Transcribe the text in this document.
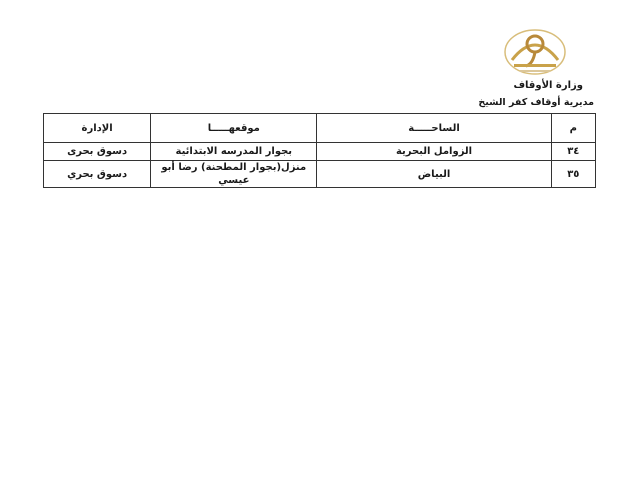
وزارة الأوقاف
مديرية أوقاف كفر الشيخ
م	الساحـــــة	موقعهـــــا	الإدارة
٣٤	الزوامل البحرية	بجوار المدرسه الابتدائية	دسوق بحرى
٣٥	البياض	منزل(بجوار المطحنة) رضا أبو عيسي	دسوق بحري
